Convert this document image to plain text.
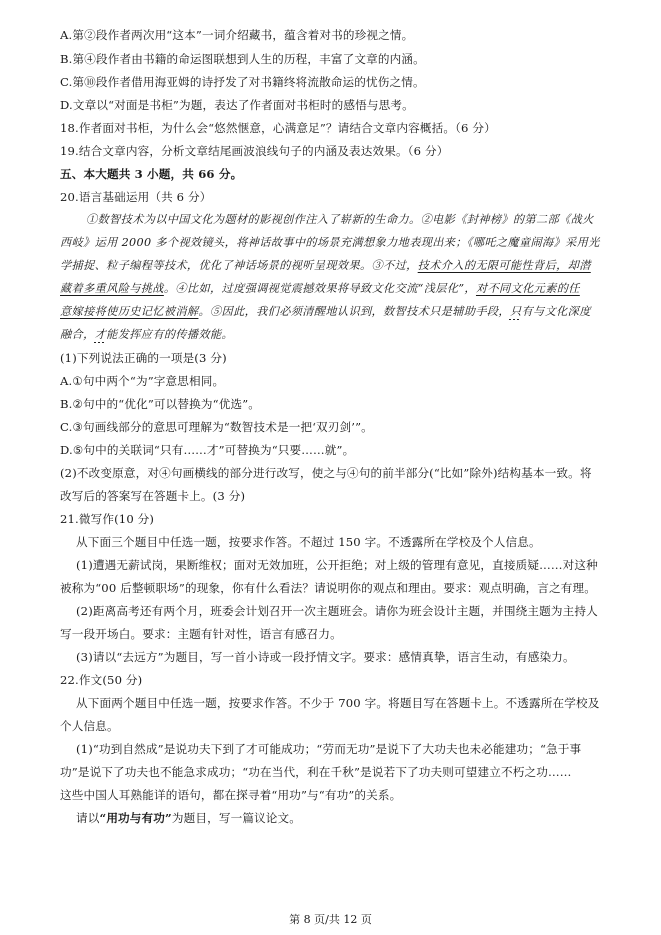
A.第②段作者两次用“这本”一词介绍藏书，蕴含着对书的珍视之情。
B.第④段作者由书籍的命运图联想到人生的历程，丰富了文章的内涵。
C.第⑩段作者借用海亚姆的诗抒发了对书籍终将流散命运的忧伤之情。
D.文章以“对面是书柜”为题，表达了作者面对书柜时的感悟与思考。
18.作者面对书柜，为什么会“悠然惬意，心满意足”？请结合文章内容概括。（6 分）
19.结合文章内容，分析文章结尾画波浪线句子的内涵及表达效果。（6 分）
五、本大题共 3 小题，共 66 分。
20.语言基础运用（共 6 分）
①数智技术为以中国文化为题材的影视创作注入了崭新的生命力。②电影《封神榜》的第二部《战火
西岐》运用 2000 多个视效镜头，将神话故事中的场景充满想象力地表现出来；《哪吒之魔童闹海》采用光
学捕捉、粒子编程等技术，优化了神话场景的视听呈现效果。③不过，技术介入的无限可能性背后，却潜
藏着多重风险与挑战。④比如，过度强调视觉震撼效果将导致文化交流“浅层化”，对不同文化元素的任
意嫁接将使历史记忆被消解。⑤因此，我们必须清醒地认识到，数智技术只是辅助手段，只有与文化深度
融合，才能发挥应有的传播效能。
(1)下列说法正确的一项是(3 分)
A.①句中两个“为”字意思相同。
B.②句中的“优化”可以替换为“优选”。
C.③句画线部分的意思可理解为“数智技术是一把‘双刃剑’”。
D.⑤句中的关联词“只有……才”可替换为“只要……就”。
(2)不改变原意，对④句画横线的部分进行改写，使之与④句的前半部分(“比如”除外)结构基本一致。将
改写后的答案写在答题卡上。(3 分)
21.微写作(10 分)
从下面三个题目中任选一题，按要求作答。不超过 150 字。不透露所在学校及个人信息。
(1)遭遇无薪试岗，果断维权；面对无效加班，公开拒绝；对上级的管理有意见，直接质疑……对这种
被称为“00 后整顿职场”的现象，你有什么看法？请说明你的观点和理由。要求：观点明确，言之有理。
(2)距离高考还有两个月，班委会计划召开一次主题班会。请你为班会设计主题，并围绕主题为主持人
写一段开场白。要求：主题有针对性，语言有感召力。
(3)请以“去远方”为题目，写一首小诗或一段抒情文字。要求：感情真挚，语言生动，有感染力。
22.作文(50 分)
从下面两个题目中任选一题，按要求作答。不少于 700 字。将题目写在答题卡上。不透露所在学校及
个人信息。
(1)“功到自然成”是说功夫下到了才可能成功；“劳而无功”是说下了大功夫也未必能建功；“急于事
功”是说下了功夫也不能急求成功；“功在当代，利在千秋”是说若下了功夫则可望建立不朽之功……
这些中国人耳熟能详的语句，都在探寻着“用功”与“有功”的关系。
请以“用功与有功”为题目，写一篇议论文。
第 8 页/共 12 页
